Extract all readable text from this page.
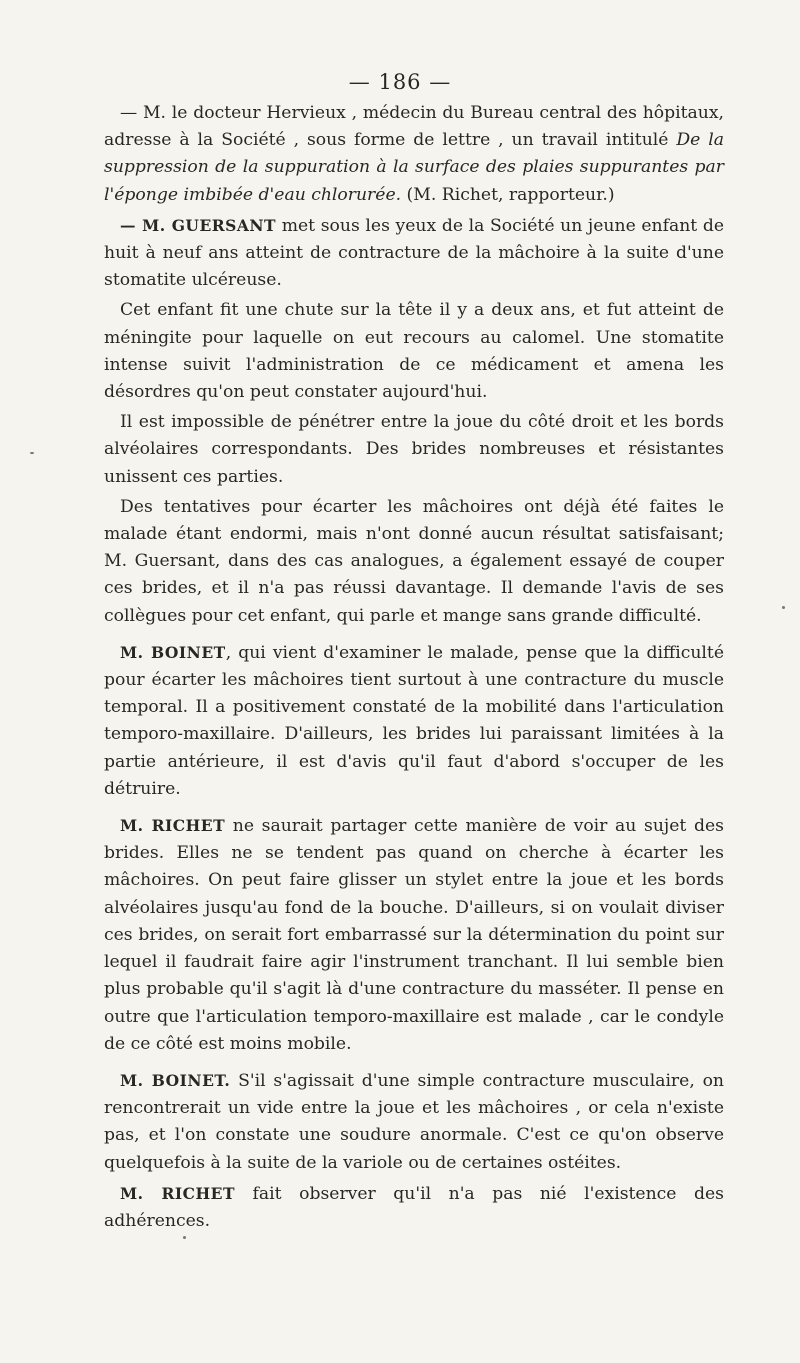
— 186 —

— M. le docteur Hervieux , médecin du Bureau central des hôpitaux, adresse à la Société , sous forme de lettre , un travail intitulé De la suppression de la suppuration à la surface des plaies suppurantes par l'éponge imbibée d'eau chlorurée. (M. Richet, rapporteur.)

— M. GUERSANT met sous les yeux de la Société un jeune enfant de huit à neuf ans atteint de contracture de la mâchoire à la suite d'une stomatite ulcéreuse.

Cet enfant fit une chute sur la tête il y a deux ans, et fut atteint de méningite pour laquelle on eut recours au calomel. Une stomatite intense suivit l'administration de ce médicament et amena les désordres qu'on peut constater aujourd'hui.

Il est impossible de pénétrer entre la joue du côté droit et les bords alvéolaires correspondants. Des brides nombreuses et résistantes unissent ces parties.

Des tentatives pour écarter les mâchoires ont déjà été faites le malade étant endormi, mais n'ont donné aucun résultat satisfaisant; M. Guersant, dans des cas analogues, a également essayé de couper ces brides, et il n'a pas réussi davantage. Il demande l'avis de ses collègues pour cet enfant, qui parle et mange sans grande difficulté.

M. BOINET, qui vient d'examiner le malade, pense que la difficulté pour écarter les mâchoires tient surtout à une contracture du muscle temporal. Il a positivement constaté de la mobilité dans l'articulation temporo-maxillaire. D'ailleurs, les brides lui paraissant limitées à la partie antérieure, il est d'avis qu'il faut d'abord s'occuper de les détruire.

M. RICHET ne saurait partager cette manière de voir au sujet des brides. Elles ne se tendent pas quand on cherche à écarter les mâchoires. On peut faire glisser un stylet entre la joue et les bords alvéolaires jusqu'au fond de la bouche. D'ailleurs, si on voulait diviser ces brides, on serait fort embarrassé sur la détermination du point sur lequel il faudrait faire agir l'instrument tranchant. Il lui semble bien plus probable qu'il s'agit là d'une contracture du masséter. Il pense en outre que l'articulation temporo-maxillaire est malade , car le condyle de ce côté est moins mobile.

M. BOINET. S'il s'agissait d'une simple contracture musculaire, on rencontrerait un vide entre la joue et les mâchoires , or cela n'existe pas, et l'on constate une soudure anormale. C'est ce qu'on observe quelquefois à la suite de la variole ou de certaines ostéites.

M. RICHET fait observer qu'il n'a pas nié l'existence des adhérences.
